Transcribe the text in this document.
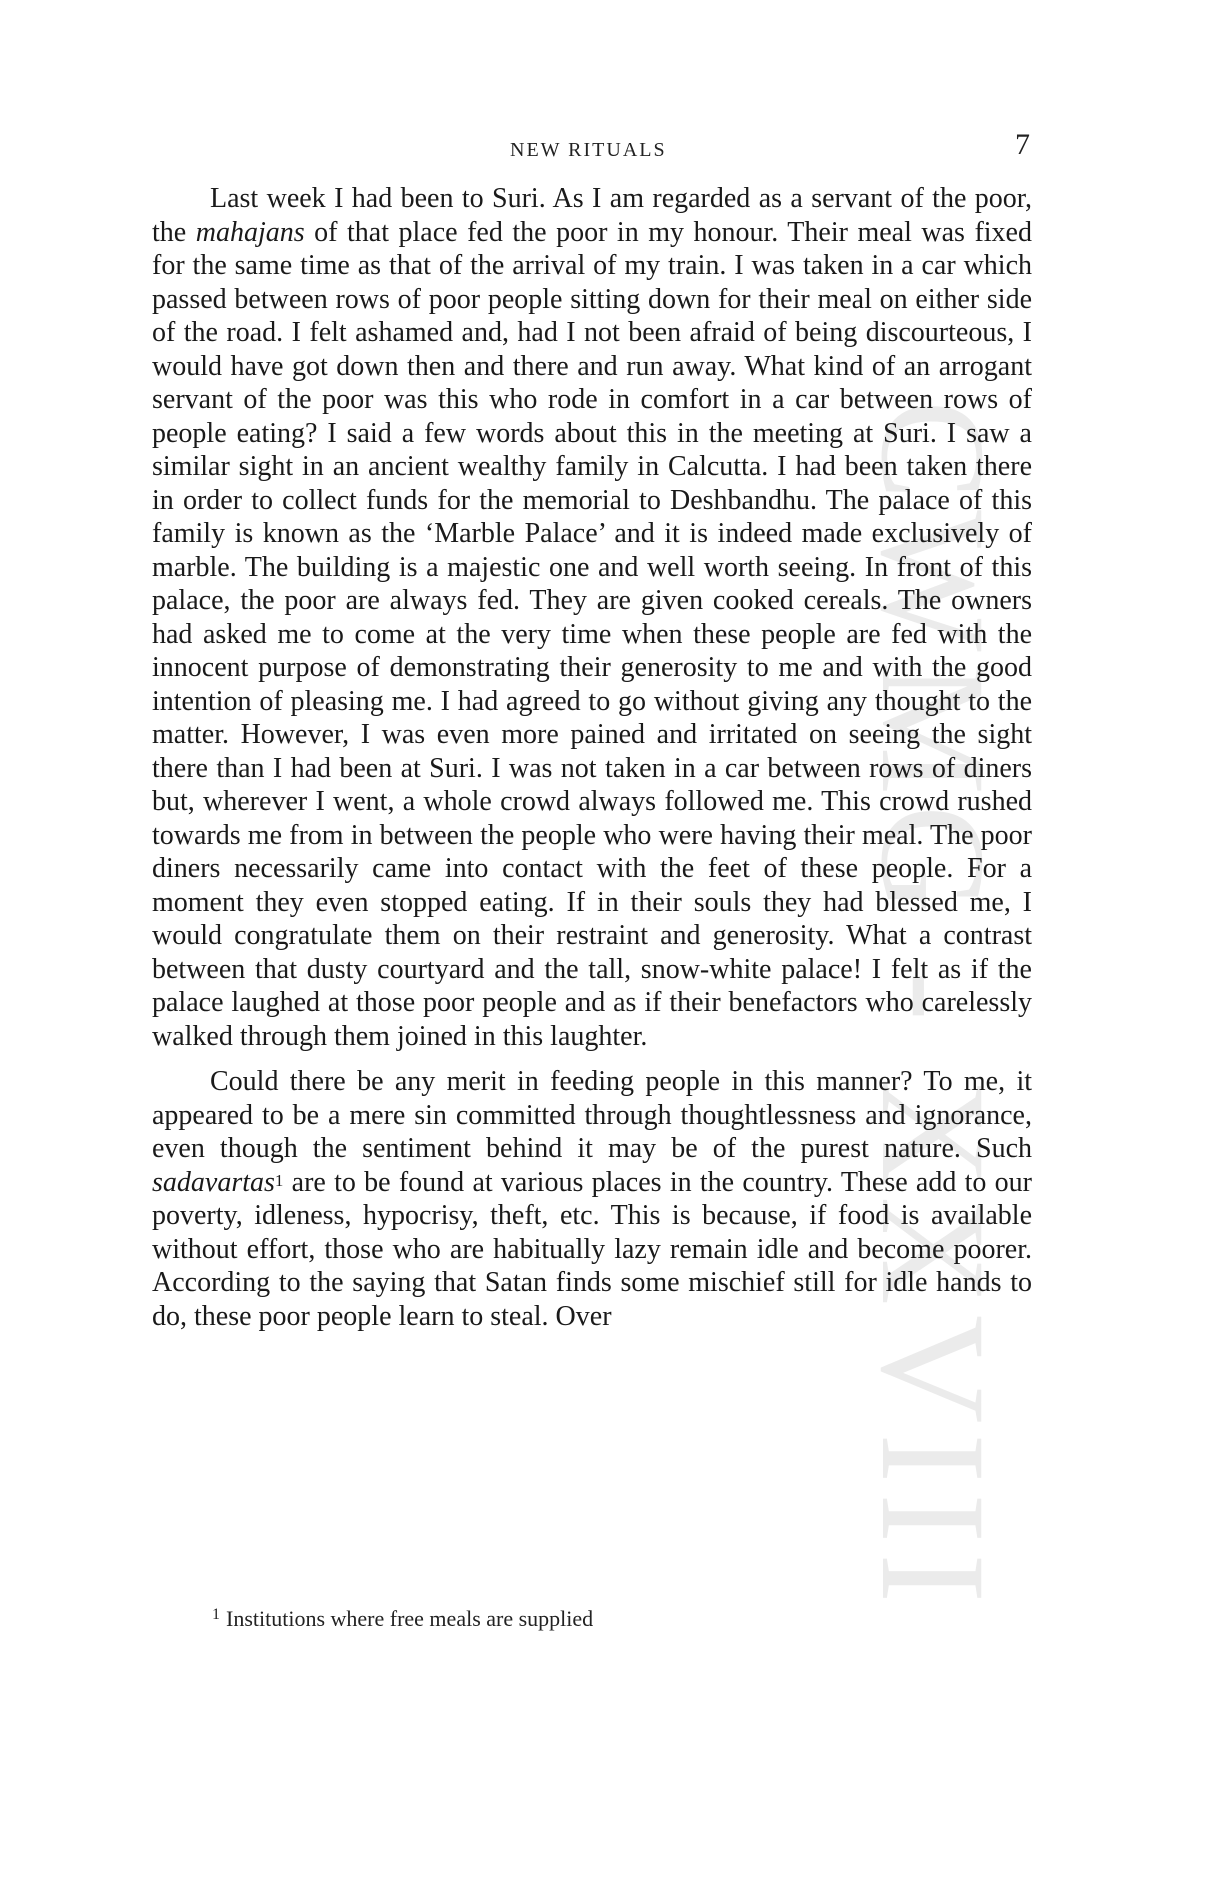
CWMG - XXVIII
NEW RITUALS	7

Last week I had been to Suri. As I am regarded as a servant of the poor, the mahajans of that place fed the poor in my honour. Their meal was fixed for the same time as that of the arrival of my train. I was taken in a car which passed between rows of poor people sitting down for their meal on either side of the road. I felt ashamed and, had I not been afraid of being discourteous, I would have got down then and there and run away. What kind of an arrogant servant of the poor was this who rode in comfort in a car between rows of people eating? I said a few words about this in the meeting at Suri. I saw a similar sight in an ancient wealthy family in Calcutta. I had been taken there in order to collect funds for the memorial to Deshbandhu. The palace of this family is known as the ‘Marble Palace’ and it is indeed made exclusively of marble. The building is a majestic one and well worth seeing. In front of this palace, the poor are always fed. They are given cooked cereals. The owners had asked me to come at the very time when these people are fed with the innocent purpose of demonstrating their generosity to me and with the good intention of pleasing me. I had agreed to go without giving any thought to the matter. However, I was even more pained and irritated on seeing the sight there than I had been at Suri. I was not taken in a car between rows of diners but, wherever I went, a whole crowd always followed me. This crowd rushed towards me from in between the people who were having their meal. The poor diners necessarily came into contact with the feet of these people. For a moment they even stopped eating. If in their souls they had blessed me, I would congratulate them on their restraint and generosity. What a contrast between that dusty courtyard and the tall, snow-white palace! I felt as if the palace laughed at those poor people and as if their benefactors who carelessly walked through them joined in this laughter.

Could there be any merit in feeding people in this manner? To me, it appeared to be a mere sin committed through thoughtlessness and ignorance, even though the sentiment behind it may be of the purest nature. Such sadavartas$^1$ are to be found at various places in the country. These add to our poverty, idleness, hypocrisy, theft, etc. This is because, if food is available without effort, those who are habitually lazy remain idle and become poorer. According to the saying that Satan finds some mischief still for idle hands to do, these poor people learn to steal. Over

$^1$ Institutions where free meals are supplied
